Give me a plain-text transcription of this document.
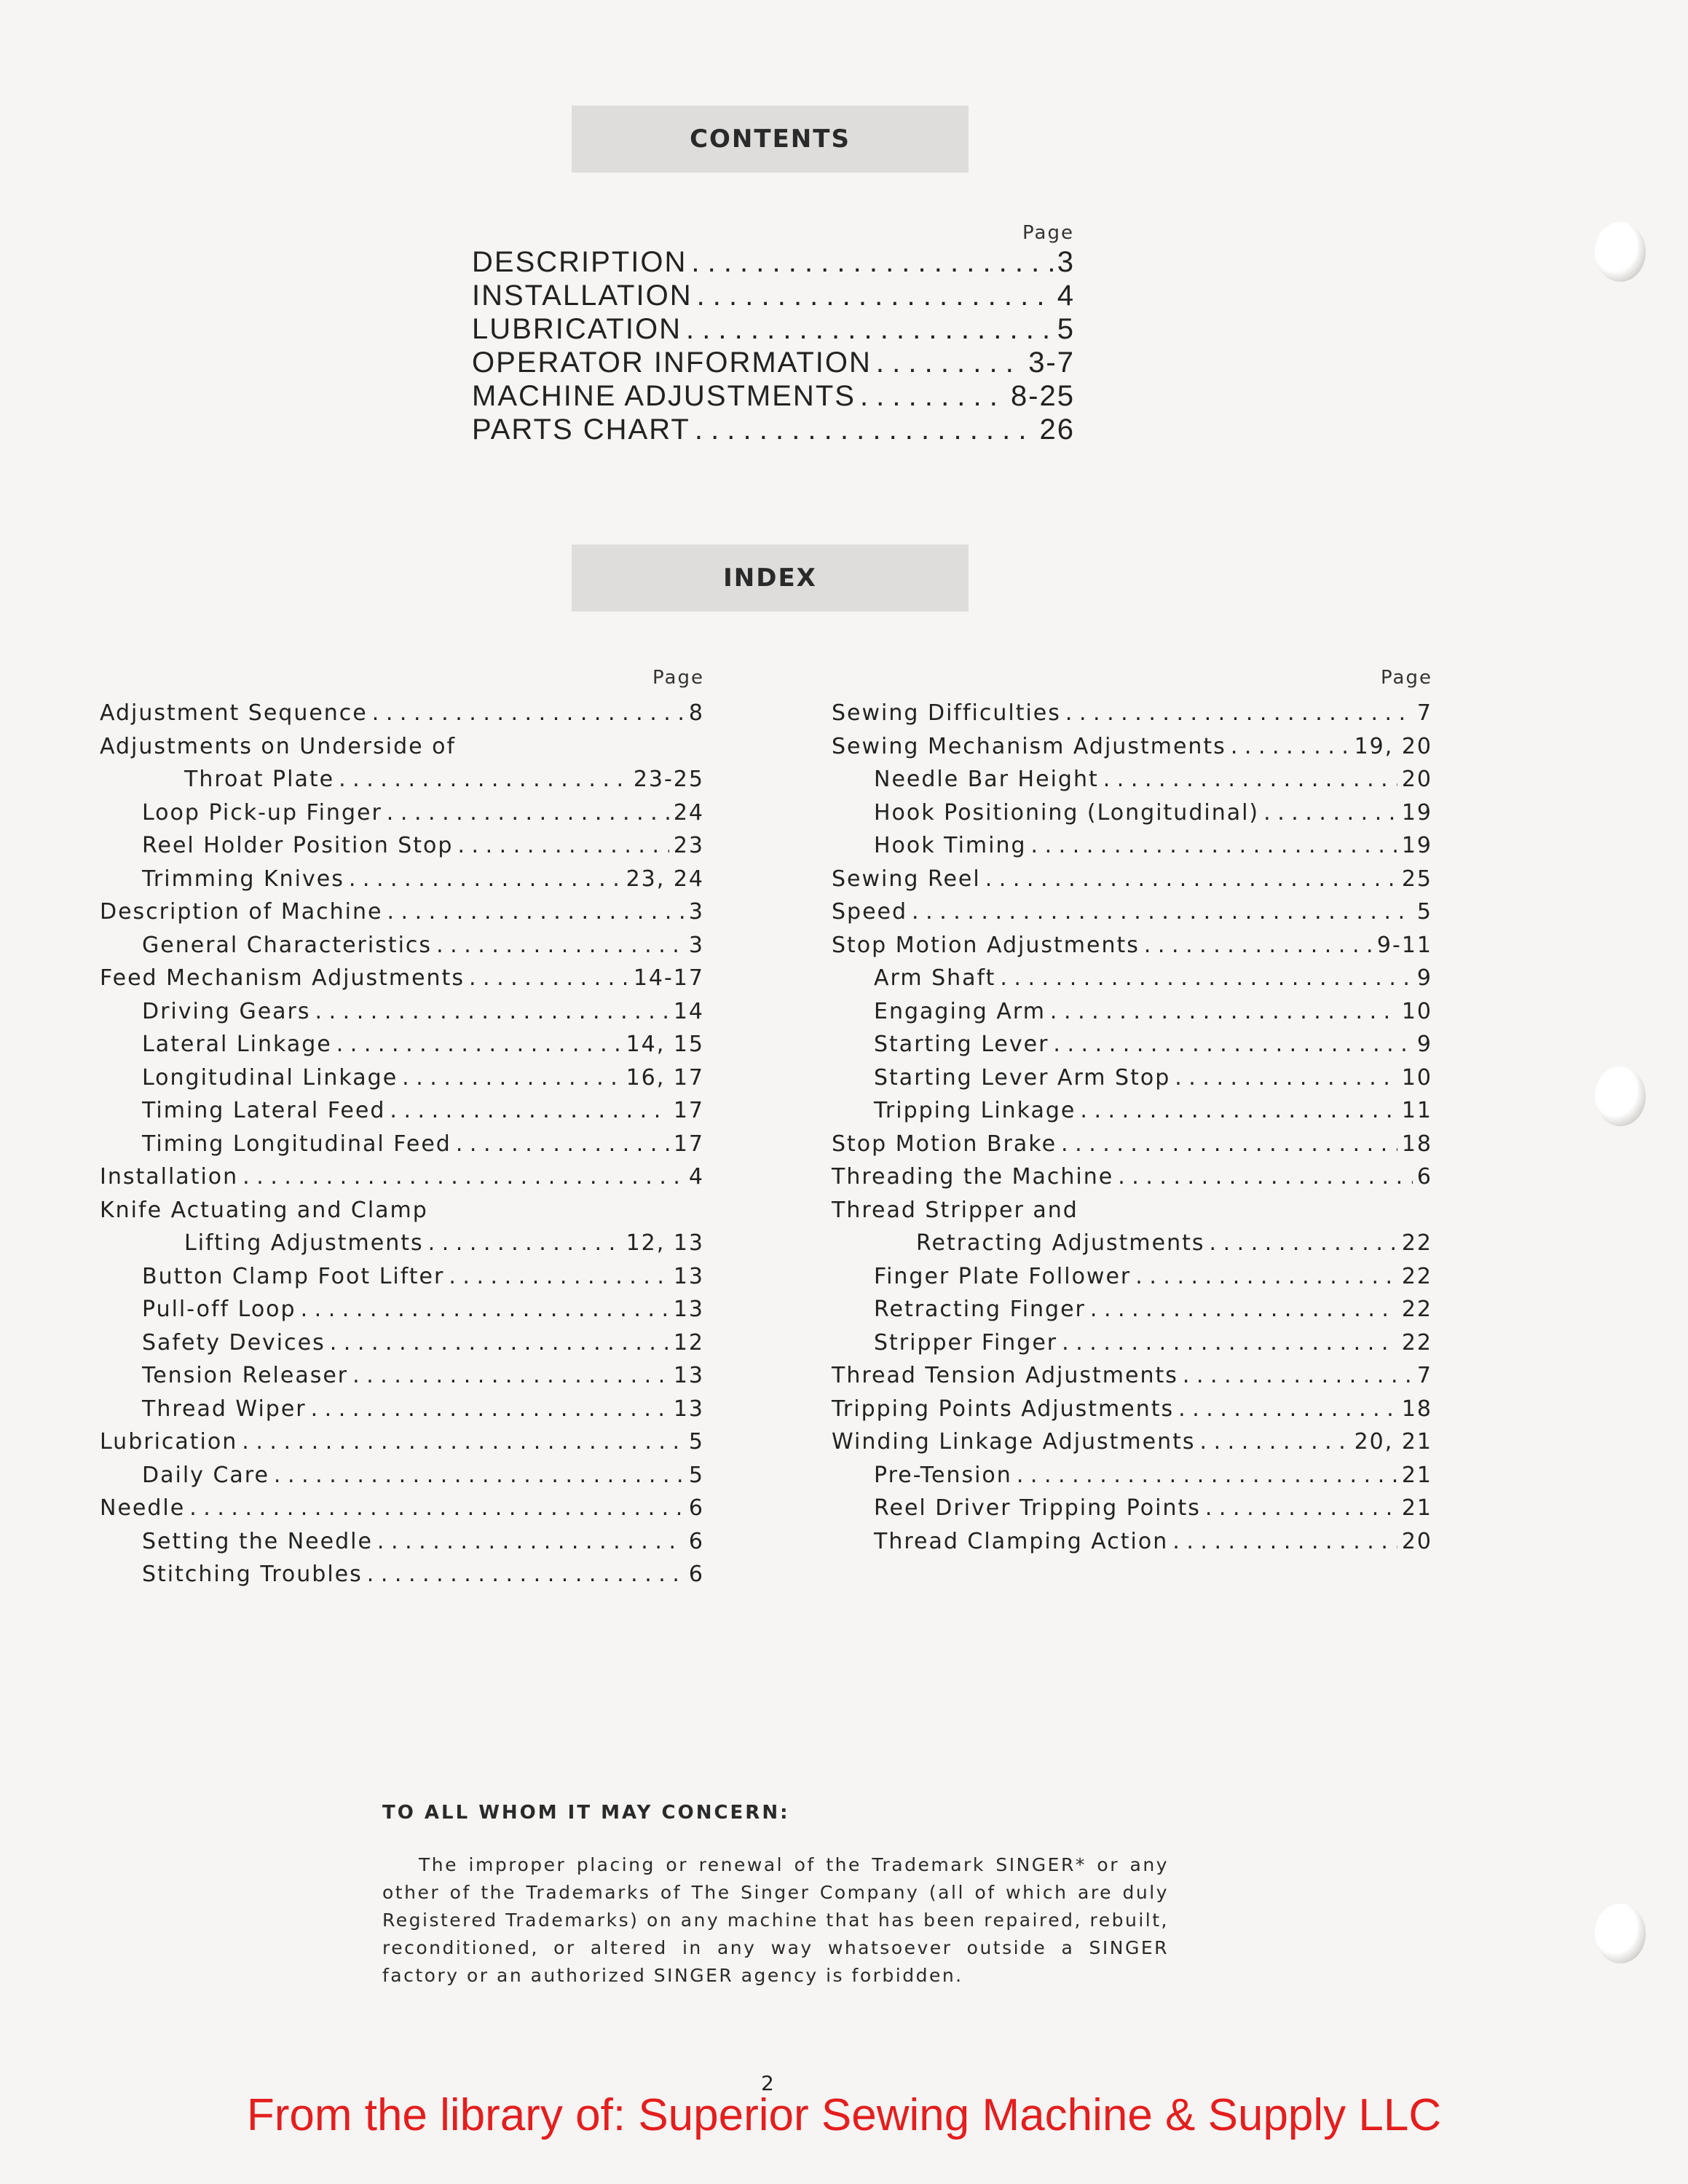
CONTENTS
Page
DESCRIPTION . . .	3
INSTALLATION . . .	4
LUBRICATION . . .	5
OPERATOR INFORMATION . . .	3-7
MACHINE ADJUSTMENTS . . .	8-25
PARTS CHART . . .	26
INDEX
Page
Adjustment Sequence . . .	8
Adjustments on Underside of
Throat Plate . . .	23-25
Loop Pick-up Finger . . .	24
Reel Holder Position Stop . . .	23
Trimming Knives . . .	23, 24
Description of Machine . . .	3
General Characteristics . . .	3
Feed Mechanism Adjustments . . .	14-17
Driving Gears . . .	14
Lateral Linkage . . .	14, 15
Longitudinal Linkage . . .	16, 17
Timing Lateral Feed . . .	17
Timing Longitudinal Feed . . .	17
Installation . . .	4
Knife Actuating and Clamp
Lifting Adjustments . . .	12, 13
Button Clamp Foot Lifter . . .	13
Pull-off Loop . . .	13
Safety Devices . . .	12
Tension Releaser . . .	13
Thread Wiper . . .	13
Lubrication . . .	5
Daily Care . . .	5
Needle . . .	6
Setting the Needle . . .	6
Stitching Troubles . . .	6
Page
Sewing Difficulties . . .	7
Sewing Mechanism Adjustments . . .	19, 20
Needle Bar Height . . .	20
Hook Positioning (Longitudinal) . . .	19
Hook Timing . . .	19
Sewing Reel . . .	25
Speed . . .	5
Stop Motion Adjustments . . .	9-11
Arm Shaft . . .	9
Engaging Arm . . .	10
Starting Lever . . .	9
Starting Lever Arm Stop . . .	10
Tripping Linkage . . .	11
Stop Motion Brake . . .	18
Threading the Machine . . .	6
Thread Stripper and
Retracting Adjustments . . .	22
Finger Plate Follower . . .	22
Retracting Finger . . .	22
Stripper Finger . . .	22
Thread Tension Adjustments . . .	7
Tripping Points Adjustments . . .	18
Winding Linkage Adjustments . . .	20, 21
Pre-Tension . . .	21
Reel Driver Tripping Points . . .	21
Thread Clamping Action . . .	20
TO ALL WHOM IT MAY CONCERN:
The improper placing or renewal of the Trademark SINGER* or any other of the Trademarks of The Singer Company (all of which are duly Registered Trademarks) on any machine that has been repaired, rebuilt, reconditioned, or altered in any way whatsoever outside a SINGER factory or an authorized SINGER agency is forbidden.
2
From the library of: Superior Sewing Machine & Supply LLC
